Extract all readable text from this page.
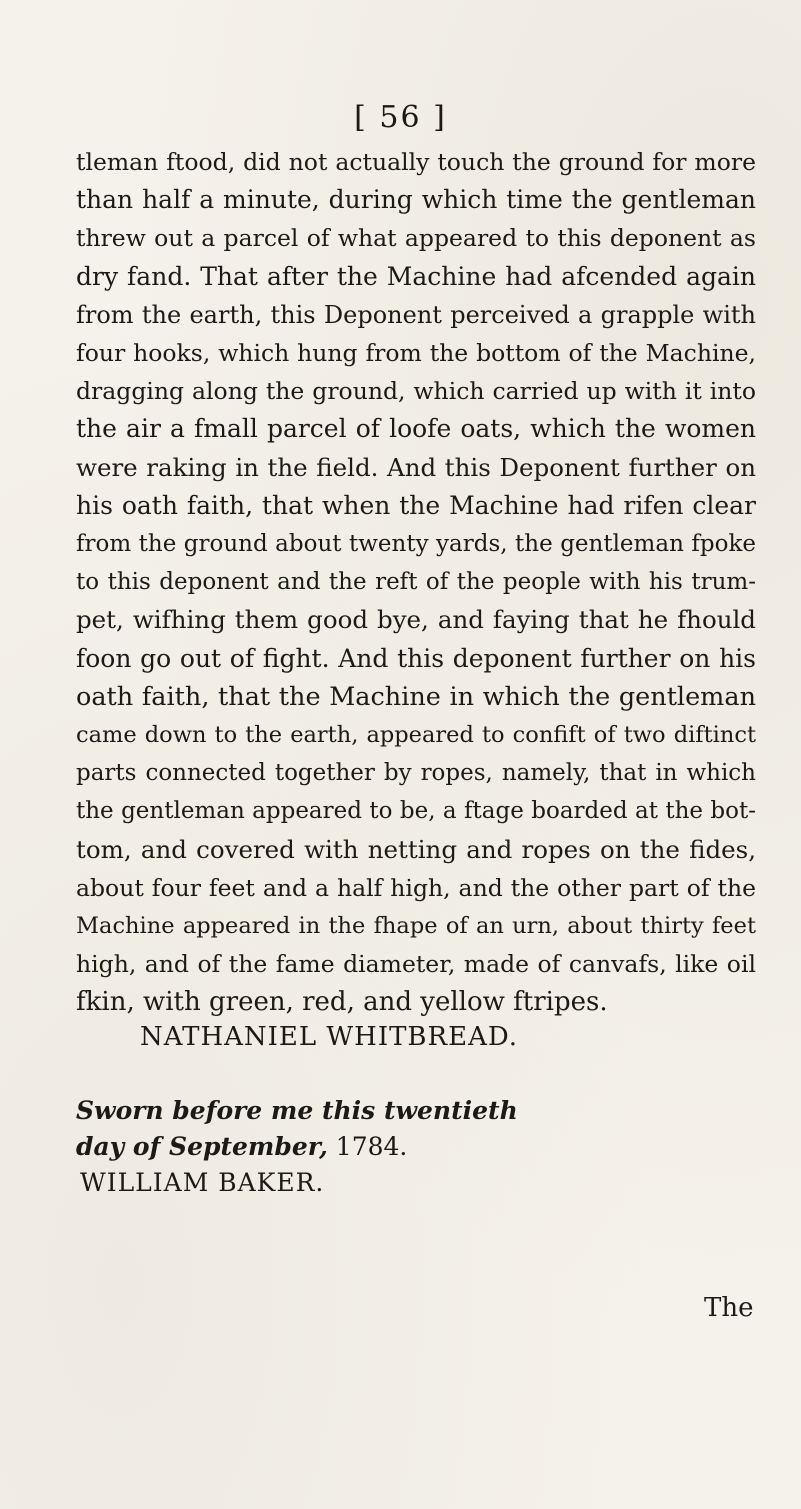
[ 56 ]
tleman ftood, did not actually touch the ground for more
than half a minute, during which time the gentleman
threw out a parcel of what appeared to this deponent as
dry fand. That after the Machine had afcended again
from the earth, this Deponent perceived a grapple with
four hooks, which hung from the bottom of the Machine,
dragging along the ground, which carried up with it into
the air a fmall parcel of loofe oats, which the women
were raking in the field. And this Deponent further on
his oath faith, that when the Machine had rifen clear
from the ground about twenty yards, the gentleman fpoke
to this deponent and the reft of the people with his trum-
pet, wifhing them good bye, and faying that he fhould
foon go out of fight. And this deponent further on his
oath faith, that the Machine in which the gentleman
came down to the earth, appeared to confift of two diftinct
parts connected together by ropes, namely, that in which
the gentleman appeared to be, a ftage boarded at the bot-
tom, and covered with netting and ropes on the fides,
about four feet and a half high, and the other part of the
Machine appeared in the fhape of an urn, about thirty feet
high, and of the fame diameter, made of canvafs, like oil
fkin, with green, red, and yellow ftripes.
NATHANIEL WHITBREAD.
Sworn before me this twentieth
day of September, 1784.
WILLIAM BAKER.
The
